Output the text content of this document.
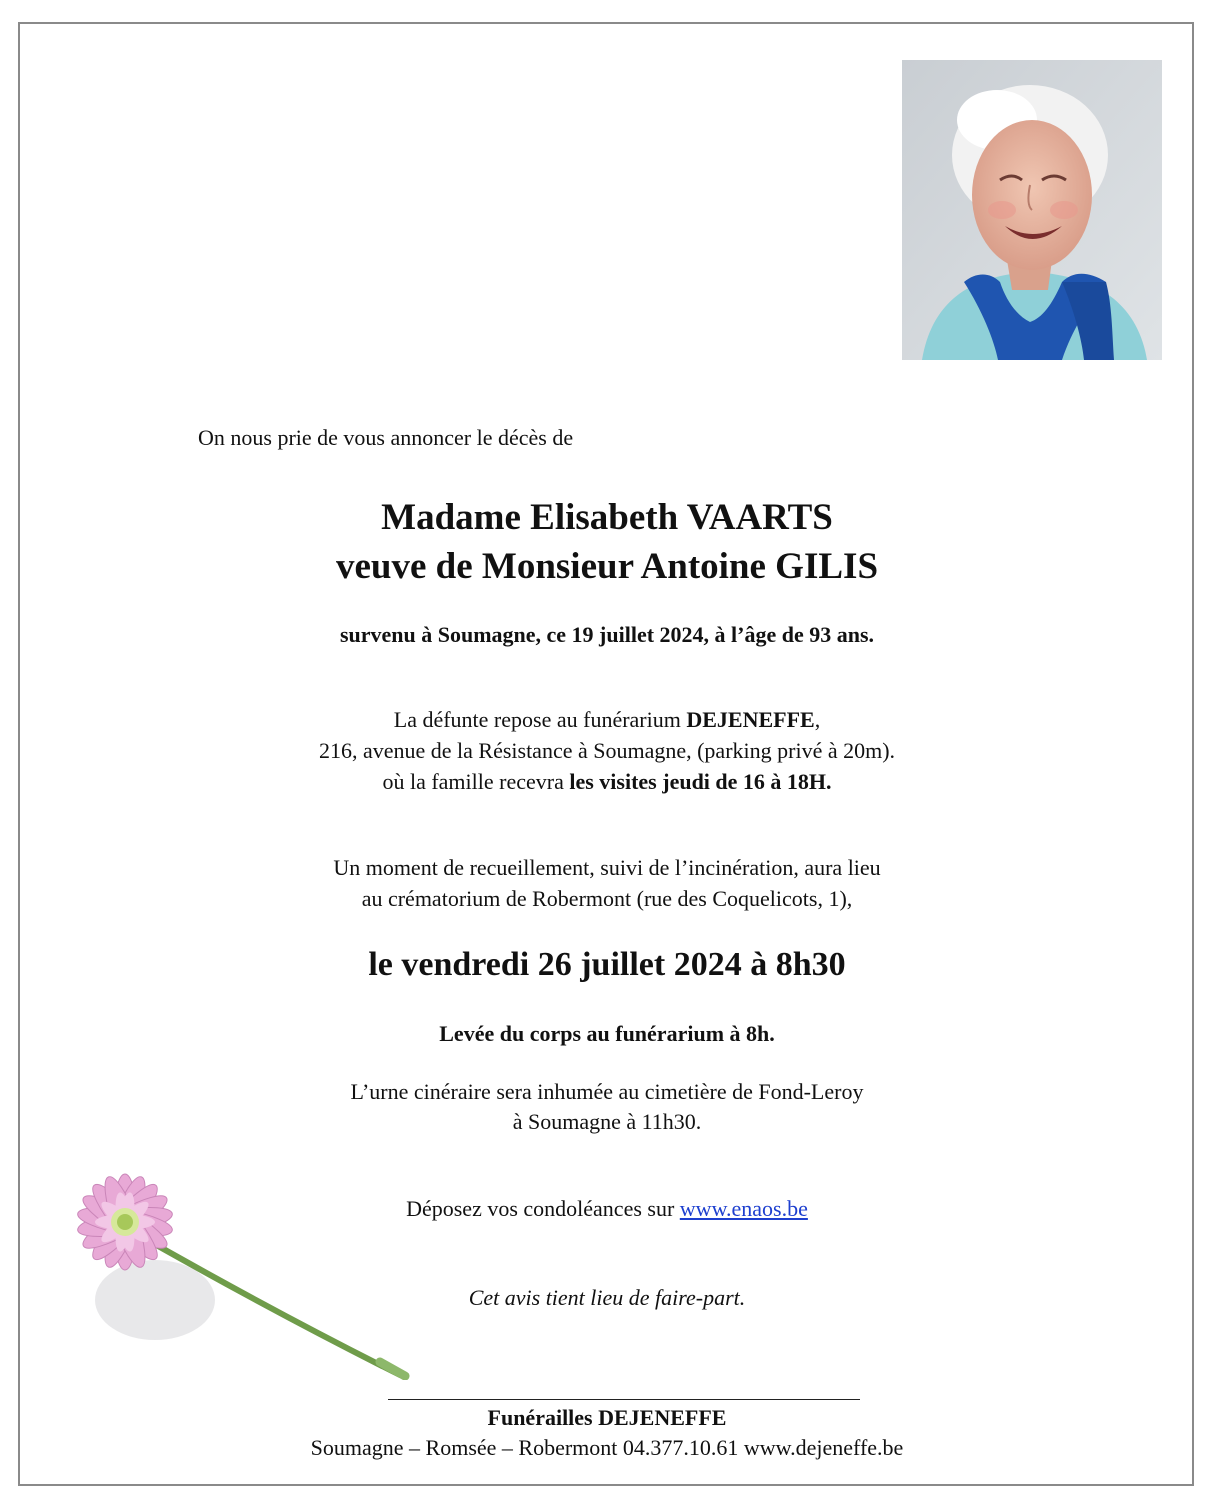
On nous prie de vous annoncer le décès de
Madame Elisabeth VAARTS
veuve de Monsieur Antoine GILIS
survenu à Soumagne, ce 19 juillet 2024, à l’âge de 93 ans.
La défunte repose au funérarium DEJENEFFE,
216, avenue de la Résistance à Soumagne, (parking privé à 20m).
où la famille recevra les visites jeudi de 16 à 18H.
Un moment de recueillement, suivi de l’incinération, aura lieu
au crématorium de Robermont (rue des Coquelicots, 1),
le vendredi 26 juillet 2024 à 8h30
Levée du corps au funérarium à 8h.
L’urne cinéraire sera inhumée au cimetière de Fond-Leroy
à Soumagne à 11h30.
Déposez vos condoléances sur www.enaos.be
Cet avis tient lieu de faire-part.
Funérailles DEJENEFFE
Soumagne – Romsée – Robermont 04.377.10.61 www.dejeneffe.be
